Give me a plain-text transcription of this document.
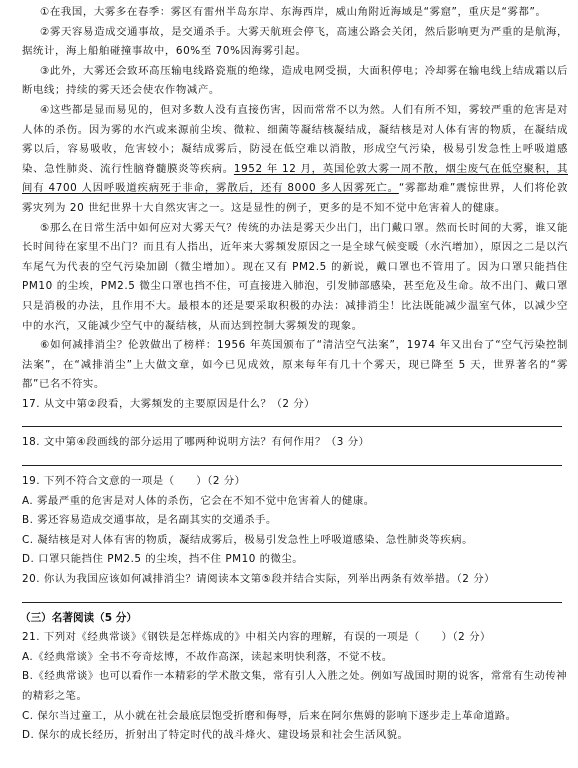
①在我国，大雾多在春季：雾区有雷州半岛东岸、东海西岸，威山角附近海域是“雾窟”，重庆是“雾都”。

②雾天容易造成交通事故，是交通杀手。大雾天航班会停飞，高速公路会关闭，然后影响更为严重的是航海，据统计，海上船舶碰撞事故中，60%至 70%因海雾引起。

③此外，大雾还会致环高压输电线路瓷瓶的绝缘，造成电网受损，大面积停电；冷却雾在输电线上结成霜以后断电线；持续的雾天还会使农作物减产。

④这些都是显而易见的，但对多数人没有直接伤害，因而常常不以为然。人们有所不知，雾较严重的危害是对人体的杀伤。因为雾的水汽或来源前尘埃、微粒、细菌等凝结核凝结成，凝结核是对人体有害的物质，在凝结成雾以后，容易吸收，危害较小；凝结成雾后，防浸在低空难以消散，形成空气污染，极易引发急性上呼吸道感染、急性肺炎、流行性脑脊髓膜炎等疾病。1952 年 12 月，英国伦敦大雾一周不散，烟尘废气在低空聚积，其间有 4700 人因呼吸道疾病死于非命，雾散后，还有 8000 多人因雾死亡。“雾都劫难”震惊世界，人们将伦敦雾灾列为 20 世纪世界十大自然灾害之一。这是显性的例子，更多的是不知不觉中危害着人的健康。

⑤那么在日常生活中如何应对大雾天气？传统的办法是雾天少出门，出门戴口罩。然而长时间的大雾，谁又能长时间待在家里不出门？而且有人指出，近年来大雾频发原因之一是全球气候变暖（水汽增加），原因之二是以汽车尾气为代表的空气污染加剧（微尘增加）。现在又有 PM2.5 的新说，戴口罩也不管用了。因为口罩只能挡住 PM10 的尘埃，PM2.5 微尘口罩也挡不住，可直接进入肺泡，引发肺部感染，甚至危及生命。故不出门、戴口罩只是消极的办法，且作用不大。最根本的还是要采取积极的办法：减排消尘！比法既能减少温室气体，以减少空中的水汽，又能减少空气中的凝结核，从而达到控制大雾频发的现象。

⑥如何减排消尘？伦敦做出了榜样：1956 年英国颁布了“清洁空气法案”，1974 年又出台了“空气污染控制法案”，在“减排消尘”上大做文章，如今已见成效，原来每年有几十个雾天，现已降至 5 天，世界著名的“雾都”已名不符实。

17. 从文中第②段看，大雾频发的主要原因是什么？（2 分）

18. 文中第④段画线的部分运用了哪两种说明方法？有何作用？（3 分）

19. 下列不符合文意的一项是（　　）（2 分）

A. 雾最严重的危害是对人体的杀伤，它会在不知不觉中危害着人的健康。

B. 雾还容易造成交通事故，是名副其实的交通杀手。

C. 凝结核是对人体有害的物质，凝结成雾后，极易引发急性上呼吸道感染、急性肺炎等疾病。

D. 口罩只能挡住 PM2.5 的尘埃，挡不住 PM10 的微尘。

20. 你认为我国应该如何减排消尘？请阅读本文第⑤段并结合实际，列举出两条有效举措。（2 分）

（三）名著阅读（5 分）

21. 下列对《经典常谈》《钢铁是怎样炼成的》中相关内容的理解，有误的一项是（　　）（2 分）

A.《经典常谈》全书不夸奇炫博，不故作高深，读起来明快利落，不觉不枝。

B.《经典常谈》也可以看作一本精彩的学术散文集，常有引人入胜之处。例如写战国时期的说客，常常有生动传神的精彩之笔。

C. 保尔当过童工，从小就在社会最底层饱受折磨和侮辱，后来在阿尔焦姆的影响下逐步走上革命道路。

D. 保尔的成长经历，折射出了特定时代的战斗烽火、建设场景和社会生活风貌。
